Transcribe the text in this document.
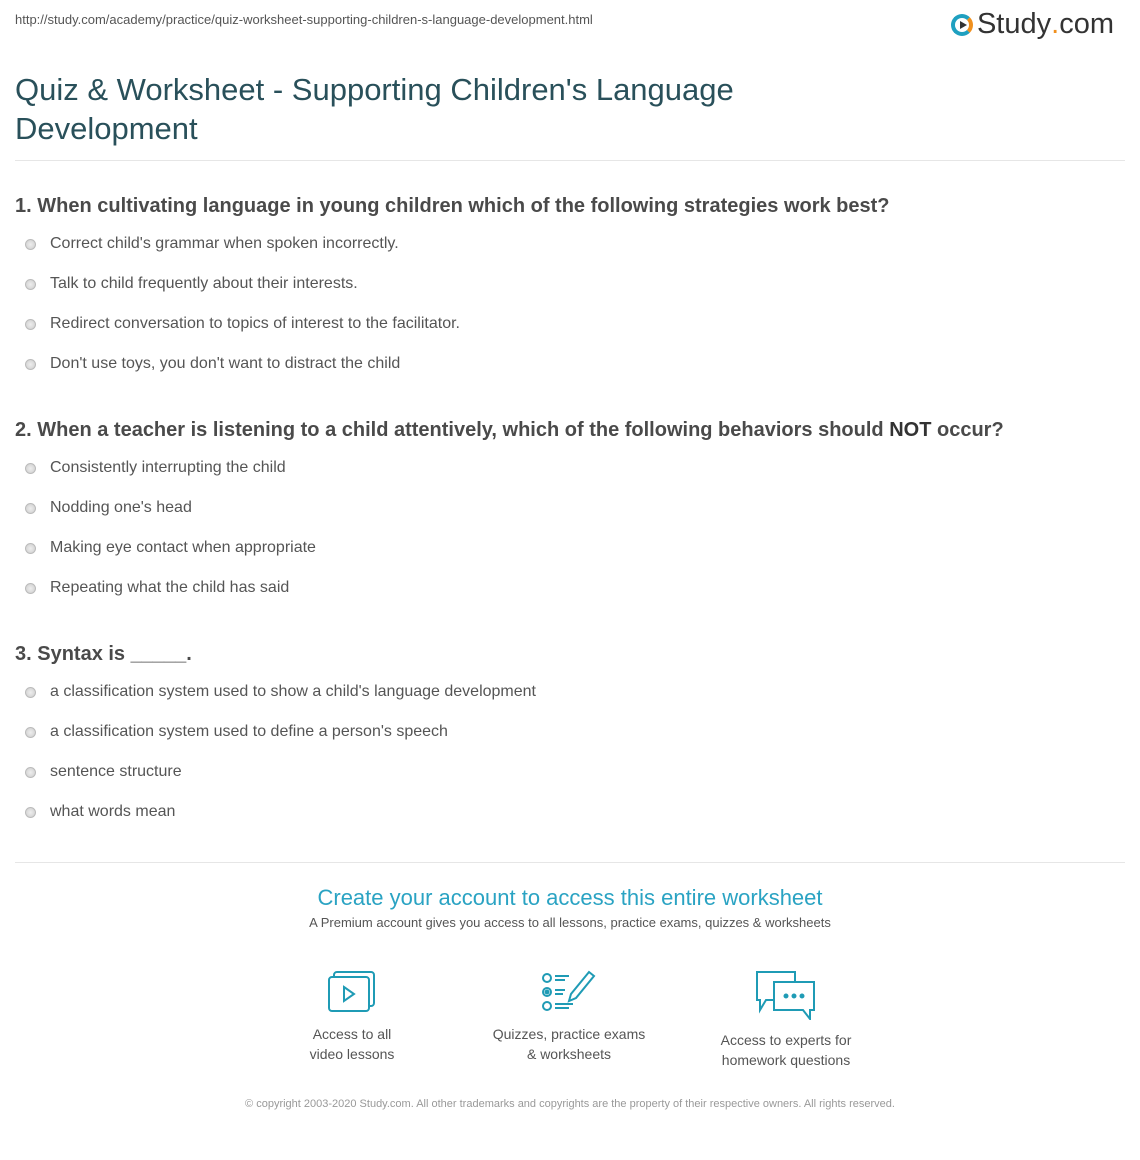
http://study.com/academy/practice/quiz-worksheet-supporting-children-s-language-development.html	Study . com
Quiz & Worksheet - Supporting Children's Language Development
1. When cultivating language in young children which of the following strategies work best?
Correct child's grammar when spoken incorrectly.
Talk to child frequently about their interests.
Redirect conversation to topics of interest to the facilitator.
Don't use toys, you don't want to distract the child
2. When a teacher is listening to a child attentively, which of the following behaviors should NOT occur?
Consistently interrupting the child
Nodding one's head
Making eye contact when appropriate
Repeating what the child has said
3. Syntax is _____.
a classification system used to show a child's language development
a classification system used to define a person's speech
sentence structure
what words mean
Create your account to access this entire worksheet
A Premium account gives you access to all lessons, practice exams, quizzes & worksheets
Access to all
video lessons
Quizzes, practice exams
& worksheets
Access to experts for
homework questions
© copyright 2003-2020 Study.com. All other trademarks and copyrights are the property of their respective owners. All rights reserved.
